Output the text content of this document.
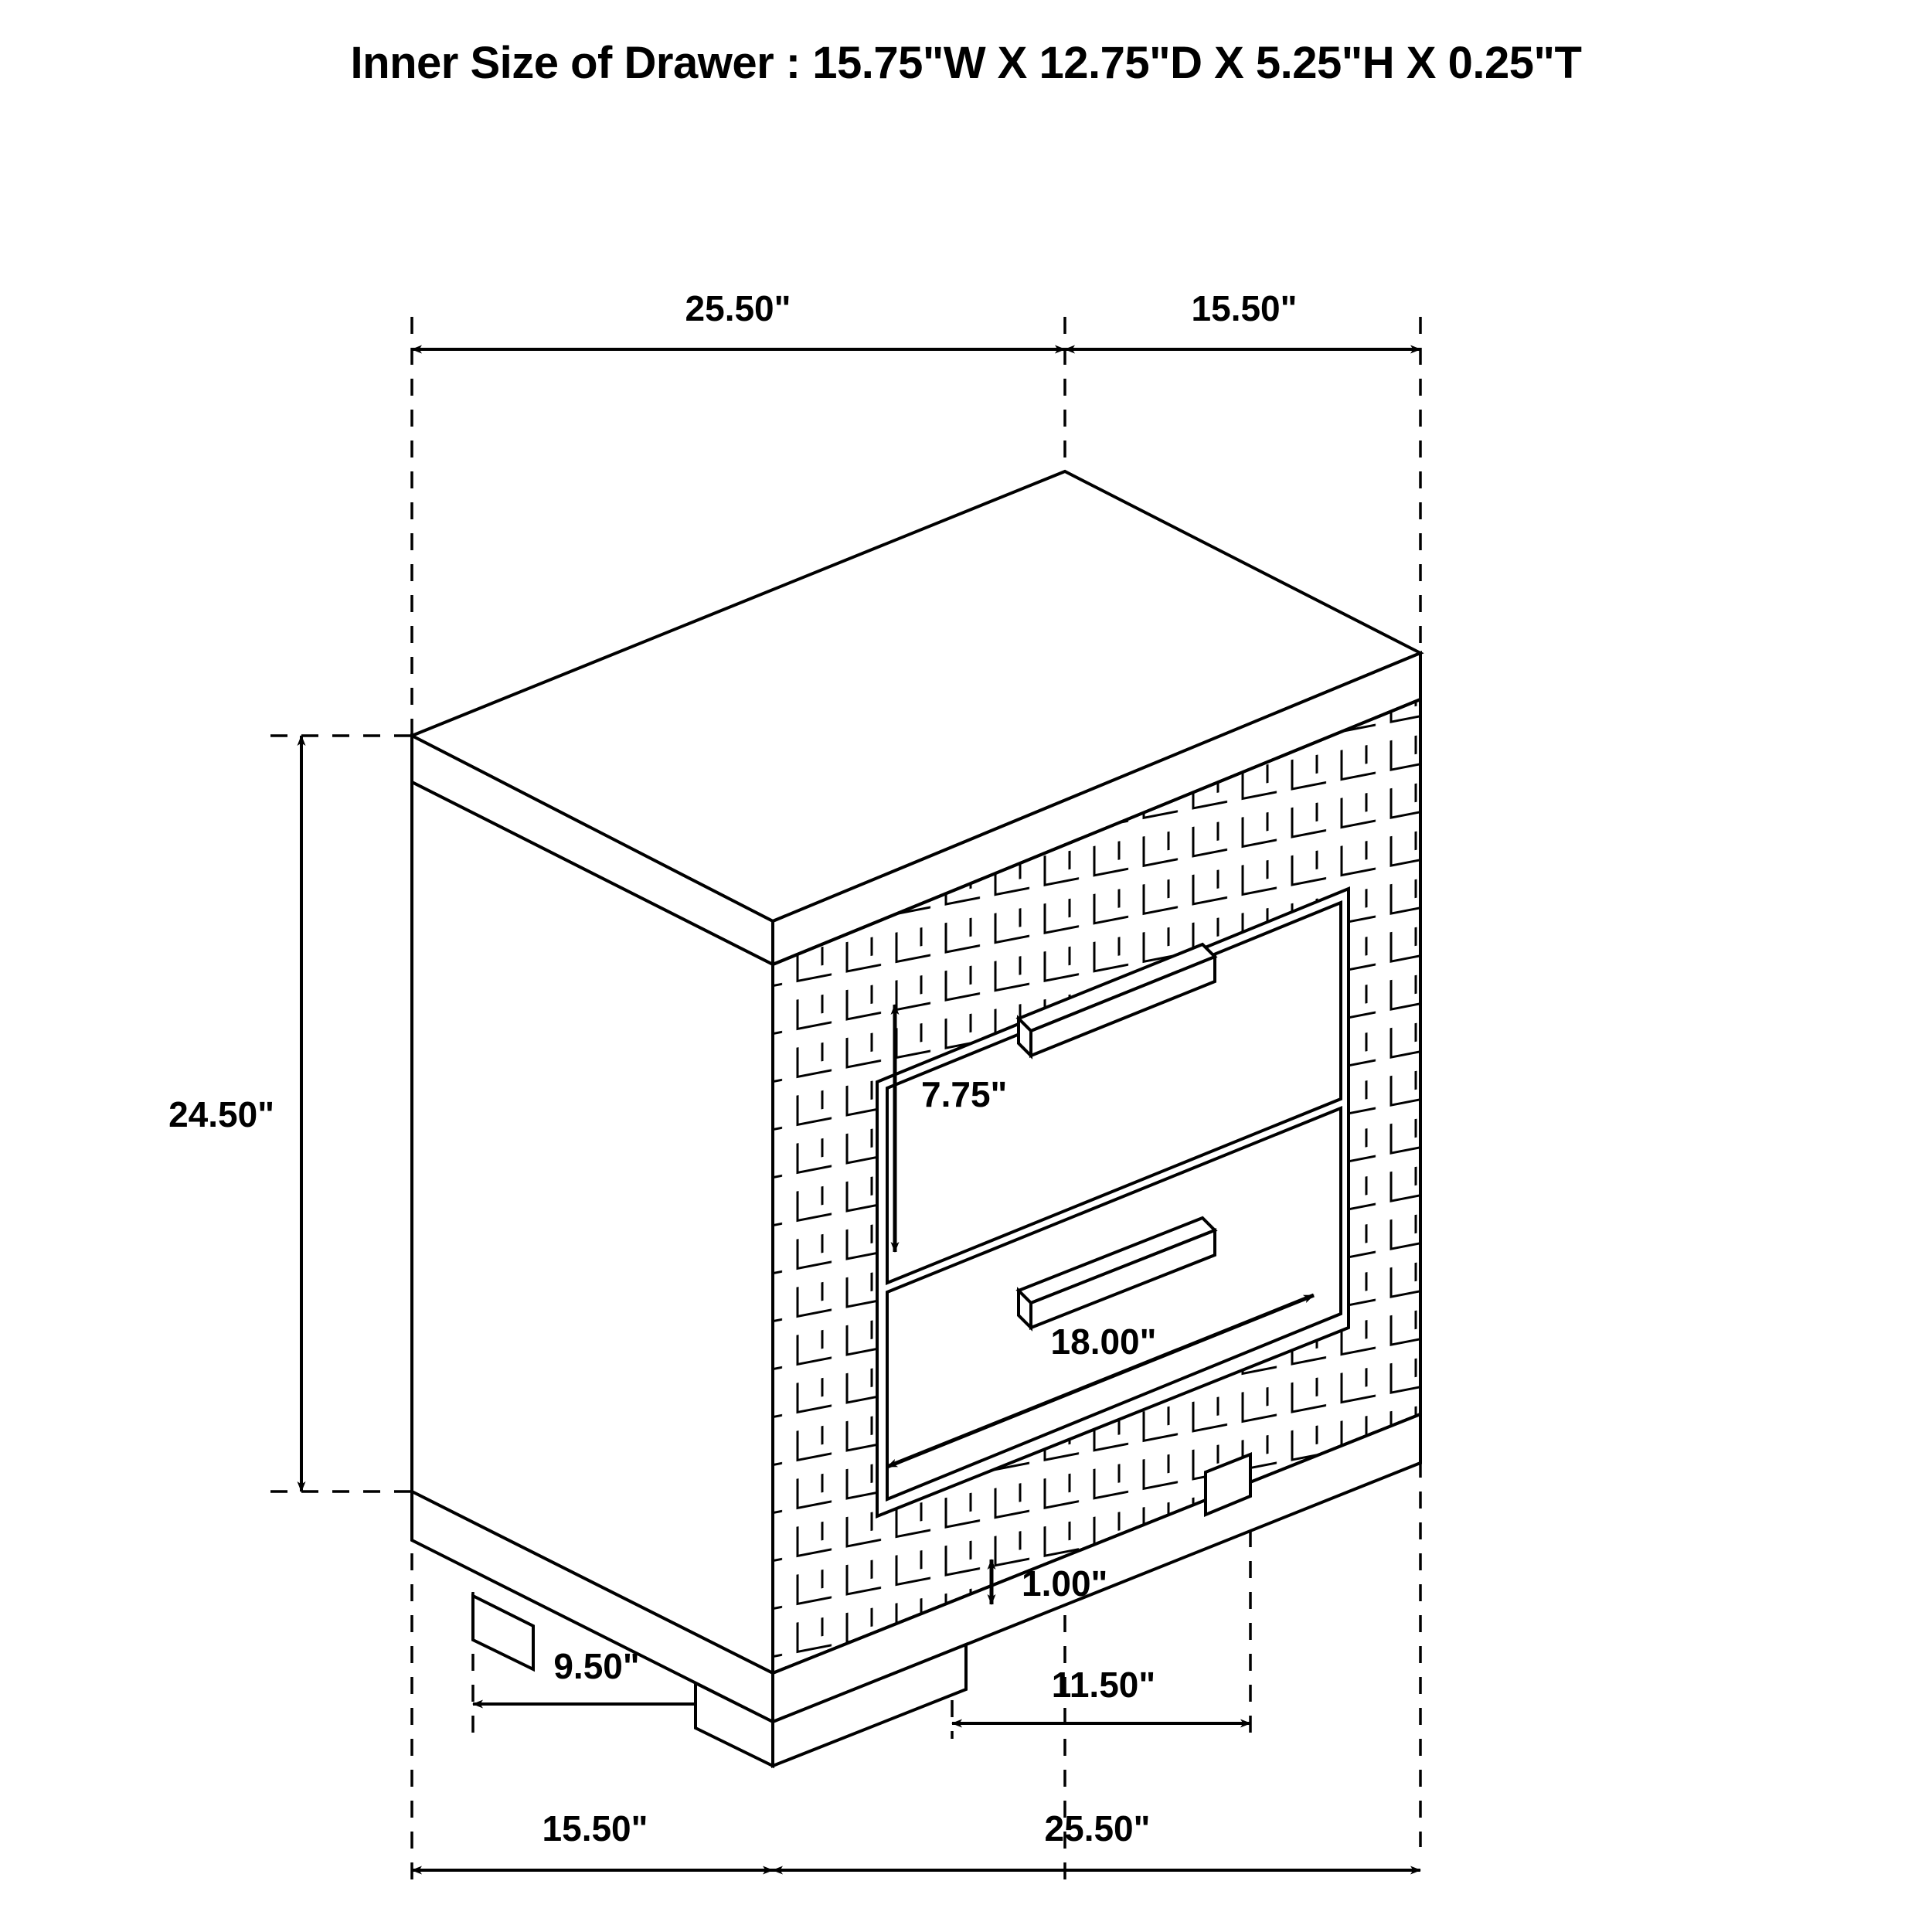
Inner Size of Drawer : 15.75"W X 12.75"D X 5.25"H X 0.25"T
25.50"	15.50"
24.50"	7.75"
18.00"
1.00"
9.50"	11.50"
15.50"	25.50"
